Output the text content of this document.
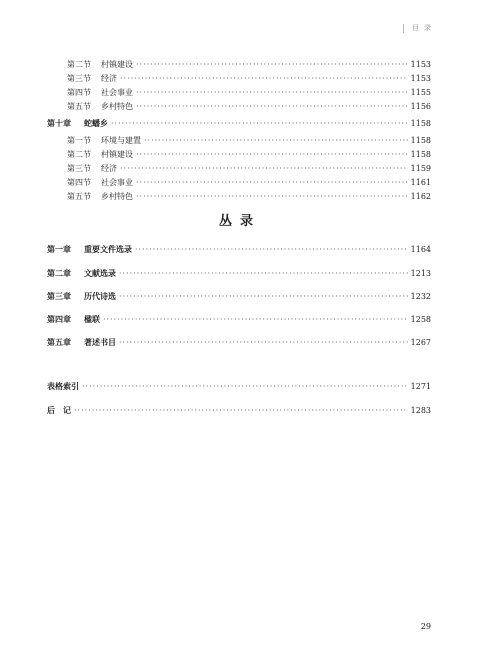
目录
第二节	村镇建设 ·····	1153
第三节	经济 ·····	1153
第四节	社会事业 ·····	1155
第五节	乡村特色 ·····	1156
第十章	蛇蟠乡 ·····	1158
第一节	环境与建置 ·····	1158
第二节	村镇建设 ·····	1158
第三节	经济 ·····	1159
第四节	社会事业 ·····	1161
第五节	乡村特色 ·····	1162
丛录
第一章	重要文件选录 ·····	1164
第二章	文献选录 ·····	1213
第三章	历代诗选 ·····	1232
第四章	楹联 ·····	1258
第五章	著述书目 ·····	1267
表格索引 ·····	1271
后　记 ·····	1283
29
